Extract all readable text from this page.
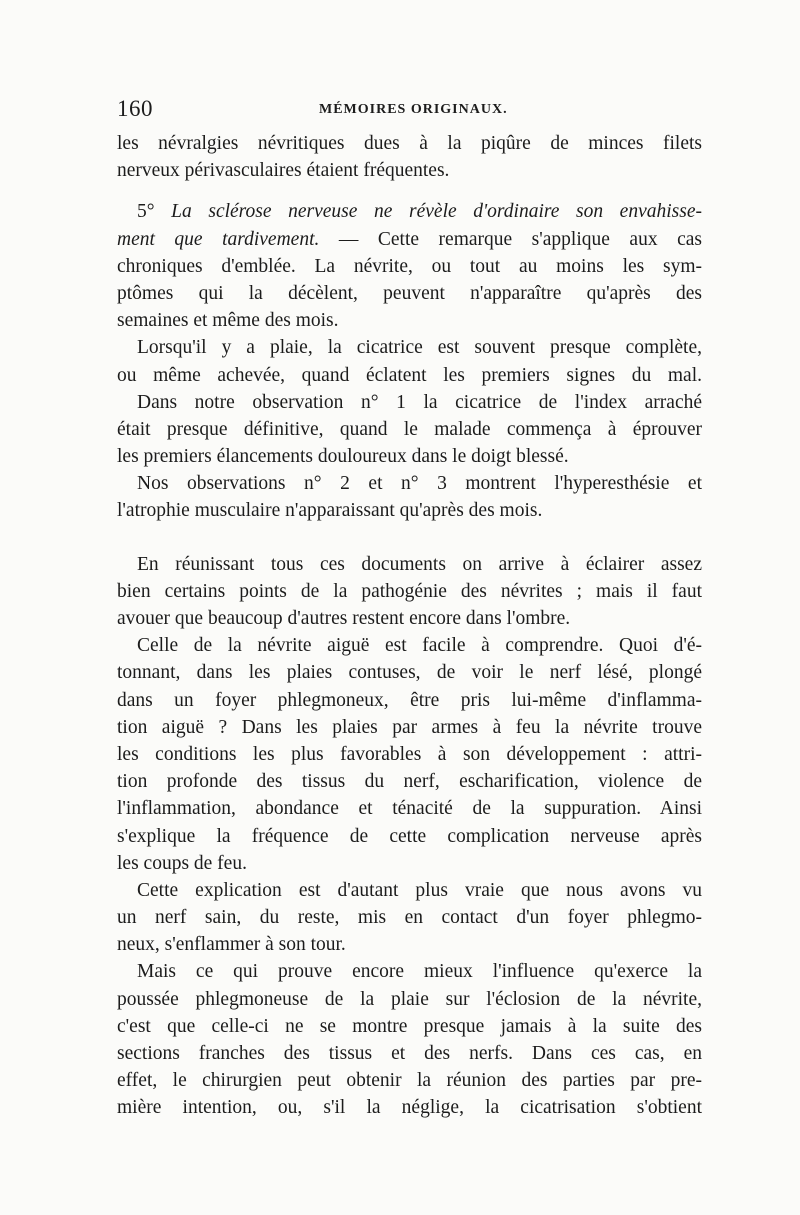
160	MÉMOIRES ORIGINAUX.
les névralgies névritiques dues à la piqûre de minces filets
nerveux périvasculaires étaient fréquentes.
5° La sclérose nerveuse ne révèle d'ordinaire son envahisse-
ment que tardivement. — Cette remarque s'applique aux cas
chroniques d'emblée. La névrite, ou tout au moins les sym-
ptômes qui la décèlent, peuvent n'apparaître qu'après des
semaines et même des mois.
Lorsqu'il y a plaie, la cicatrice est souvent presque complète,
ou même achevée, quand éclatent les premiers signes du mal.
Dans notre observation n° 1 la cicatrice de l'index arraché
était presque définitive, quand le malade commença à éprouver
les premiers élancements douloureux dans le doigt blessé.
Nos observations n° 2 et n° 3 montrent l'hyperesthésie et
l'atrophie musculaire n'apparaissant qu'après des mois.
En réunissant tous ces documents on arrive à éclairer assez
bien certains points de la pathogénie des névrites ; mais il faut
avouer que beaucoup d'autres restent encore dans l'ombre.
Celle de la névrite aiguë est facile à comprendre. Quoi d'é-
tonnant, dans les plaies contuses, de voir le nerf lésé, plongé
dans un foyer phlegmoneux, être pris lui-même d'inflamma-
tion aiguë ? Dans les plaies par armes à feu la névrite trouve
les conditions les plus favorables à son développement : attri-
tion profonde des tissus du nerf, escharification, violence de
l'inflammation, abondance et ténacité de la suppuration. Ainsi
s'explique la fréquence de cette complication nerveuse après
les coups de feu.
Cette explication est d'autant plus vraie que nous avons vu
un nerf sain, du reste, mis en contact d'un foyer phlegmo-
neux, s'enflammer à son tour.
Mais ce qui prouve encore mieux l'influence qu'exerce la
poussée phlegmoneuse de la plaie sur l'éclosion de la névrite,
c'est que celle-ci ne se montre presque jamais à la suite des
sections franches des tissus et des nerfs. Dans ces cas, en
effet, le chirurgien peut obtenir la réunion des parties par pre-
mière intention, ou, s'il la néglige, la cicatrisation s'obtient
